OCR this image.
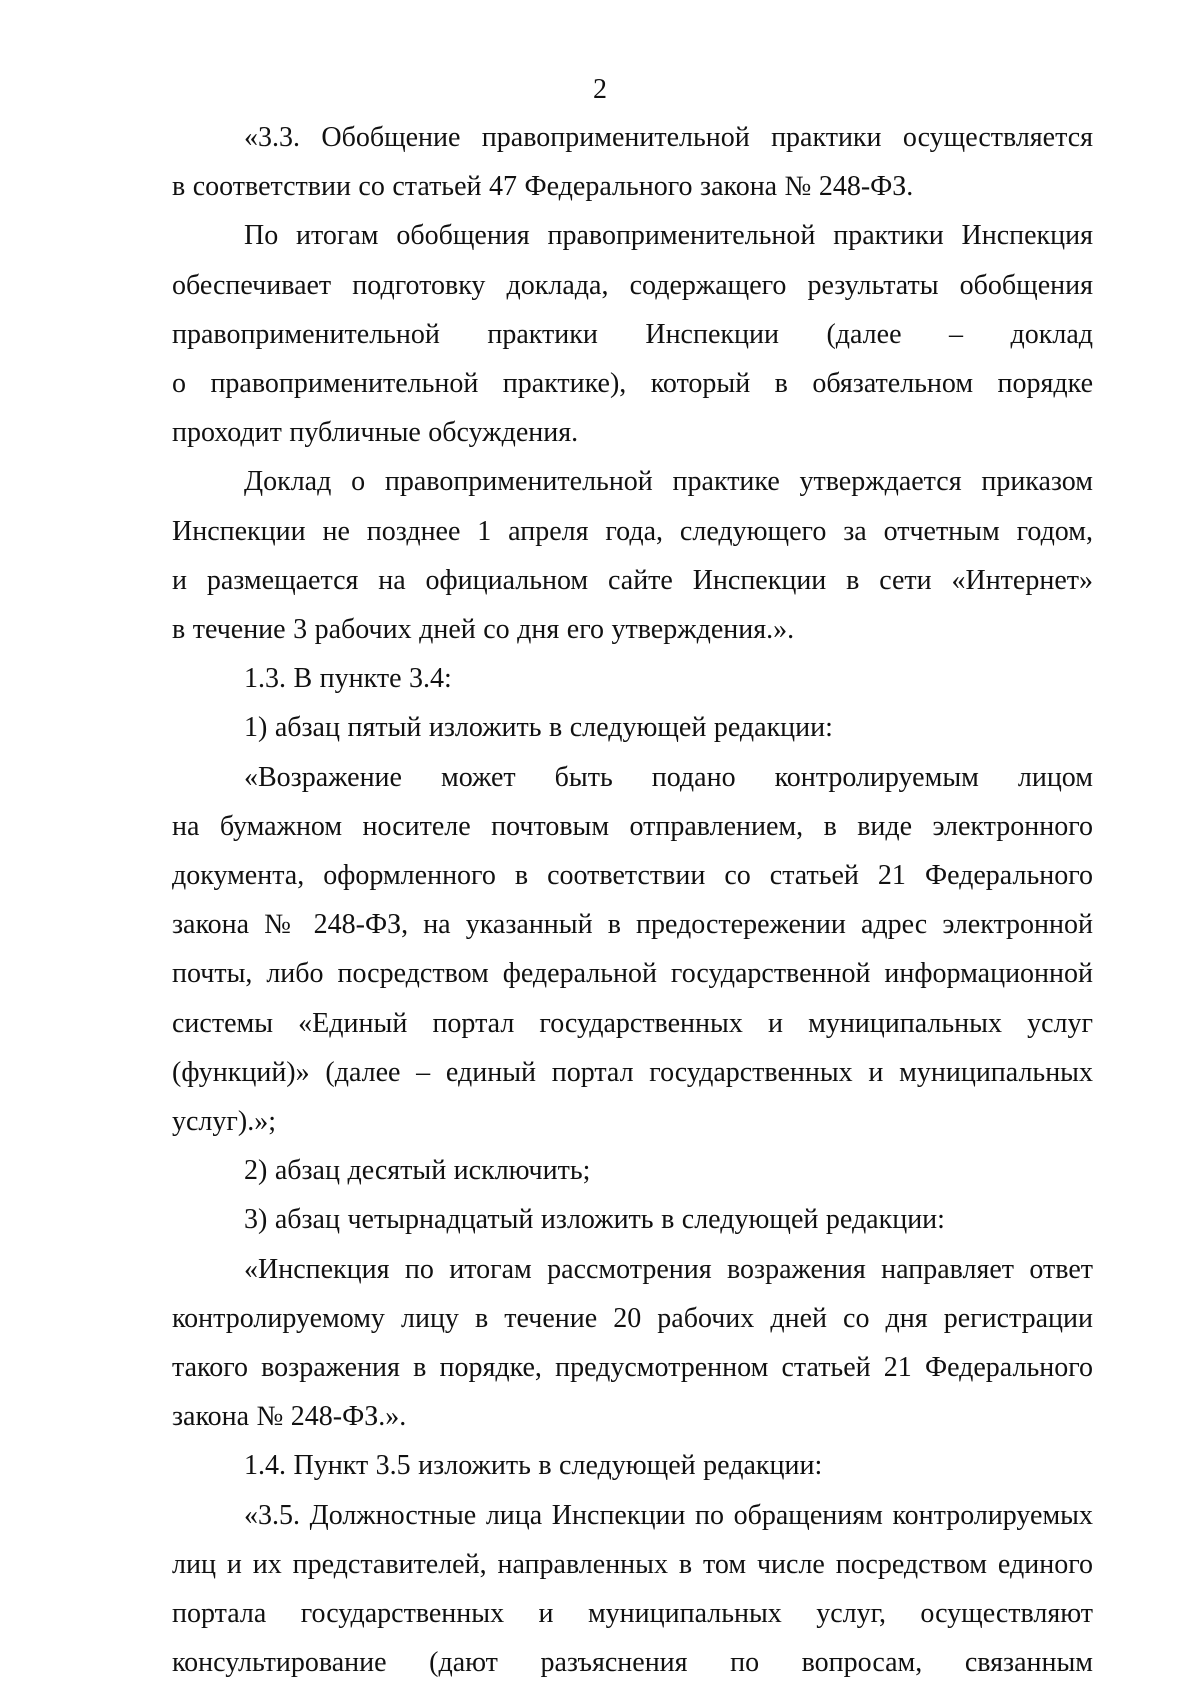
2

«3.3. Обобщение правоприменительной практики осуществляется
в соответствии со статьей 47 Федерального закона № 248-ФЗ.

По итогам обобщения правоприменительной практики Инспекция
обеспечивает подготовку доклада, содержащего результаты обобщения
правоприменительной практики Инспекции (далее – доклад
о правоприменительной практике), который в обязательном порядке
проходит публичные обсуждения.

Доклад о правоприменительной практике утверждается приказом
Инспекции не позднее 1 апреля года, следующего за отчетным годом,
и размещается на официальном сайте Инспекции в сети «Интернет»
в течение 3 рабочих дней со дня его утверждения.».

1.3. В пункте 3.4:

1) абзац пятый изложить в следующей редакции:

«Возражение может быть подано контролируемым лицом
на бумажном носителе почтовым отправлением, в виде электронного
документа, оформленного в соответствии со статьей 21 Федерального
закона № 248-ФЗ, на указанный в предостережении адрес электронной
почты, либо посредством федеральной государственной информационной
системы «Единый портал государственных и муниципальных услуг
(функций)» (далее – единый портал государственных и муниципальных
услуг).»;

2) абзац десятый исключить;

3) абзац четырнадцатый изложить в следующей редакции:

«Инспекция по итогам рассмотрения возражения направляет ответ
контролируемому лицу в течение 20 рабочих дней со дня регистрации
такого возражения в порядке, предусмотренном статьей 21 Федерального
закона № 248-ФЗ.».

1.4. Пункт 3.5 изложить в следующей редакции:

«3.5. Должностные лица Инспекции по обращениям контролируемых
лиц и их представителей, направленных в том числе посредством единого
портала государственных и муниципальных услуг, осуществляют
консультирование (дают разъяснения по вопросам, связанным
